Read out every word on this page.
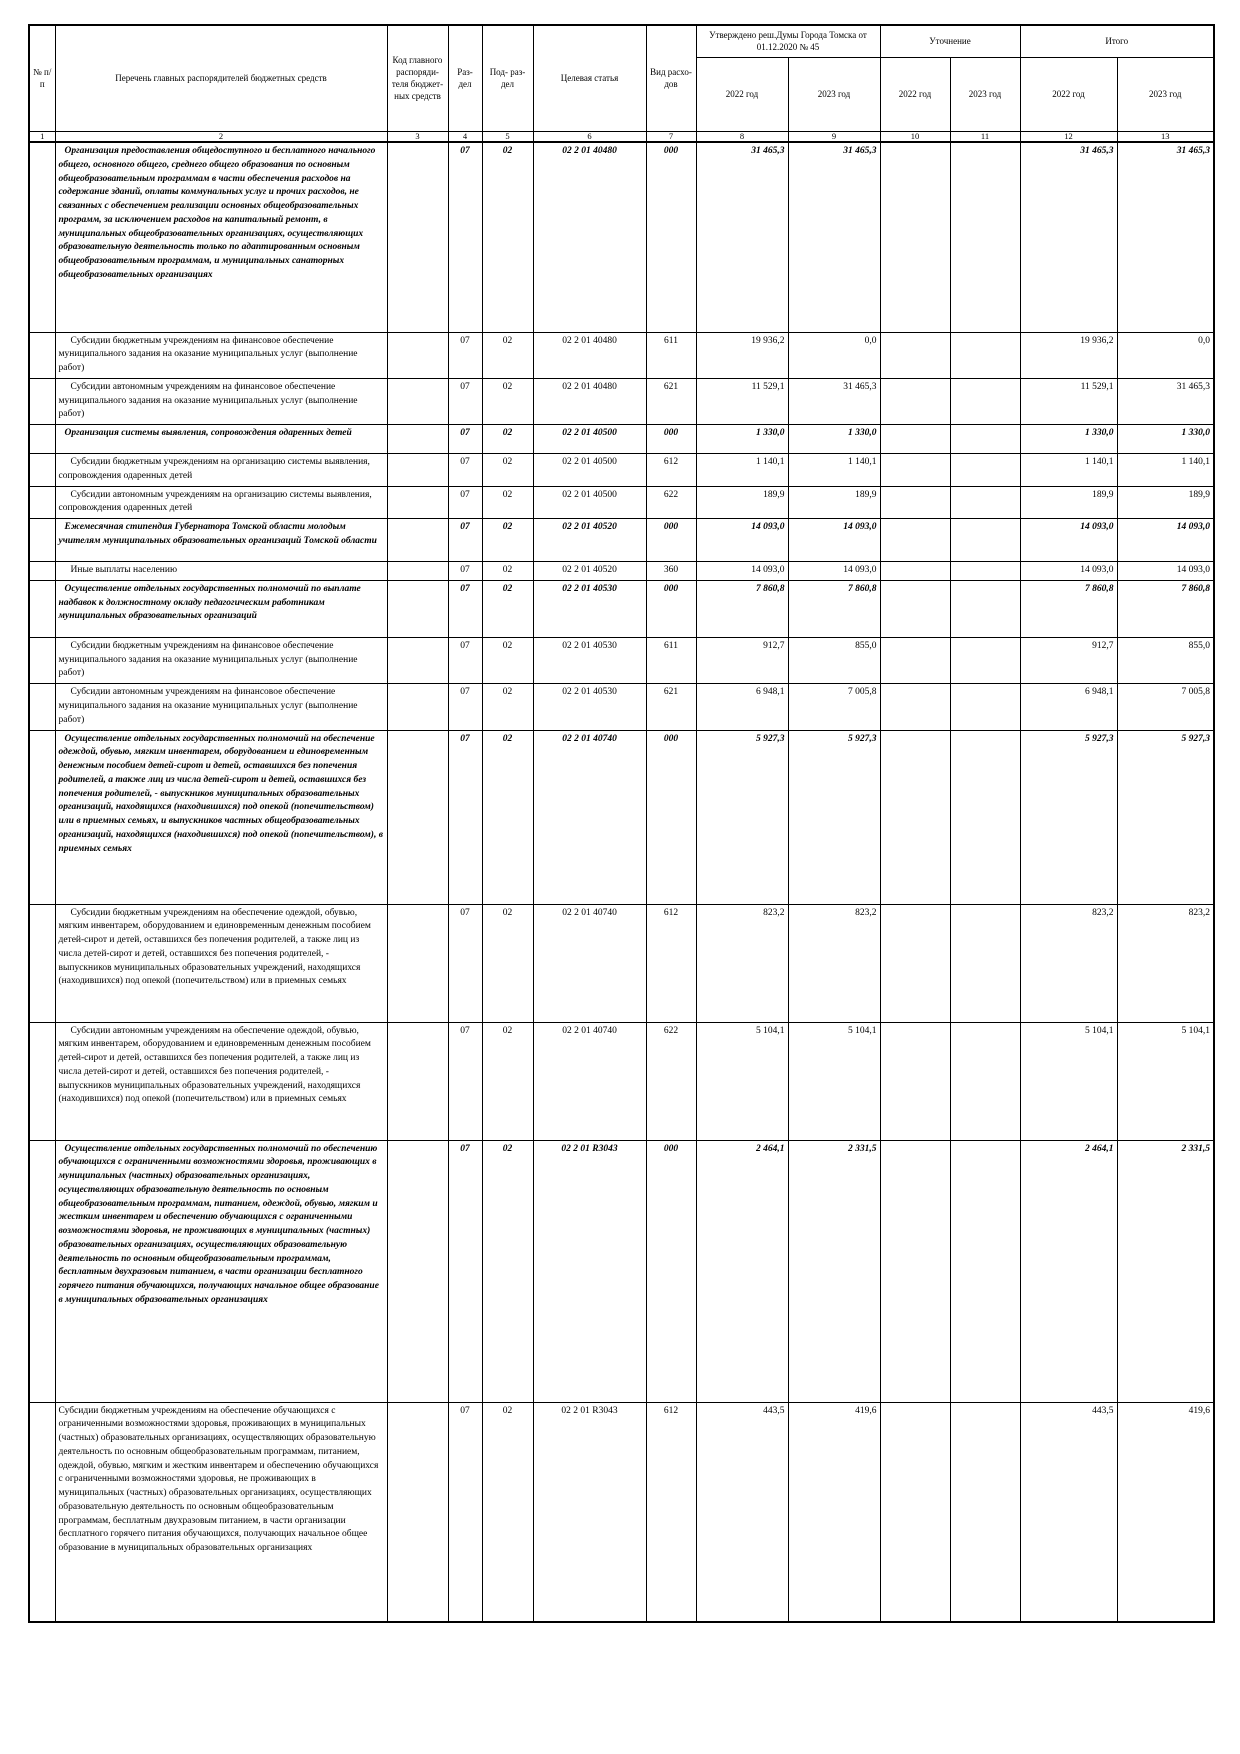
№ п/п	Перечень главных распорядителей бюджетных средств	Код главного распоряди- теля бюджет- ных средств	Раз- дел	Под- раз- дел	Целевая статья	Вид расхо- дов	Утверждено реш.Думы Города Томска от 01.12.2020 № 45		Уточнение		Итого	
							2022 год	2023 год	2022 год	2023 год	2022 год	2023 год
1	2	3	4	5	6	7	8	9	10	11	12	13
	Организация предоставления общедоступного и бесплатного начального общего, основного общего, среднего общего образования по основным общеобразовательным программам в части обеспечения расходов на содержание зданий, оплаты коммунальных услуг и прочих расходов, не связанных с обеспечением реализации основных общеобразовательных программ, за исключением расходов на капитальный ремонт, в муниципальных общеобразовательных организациях, осуществляющих образовательную деятельность только по адаптированным основным общеобразовательным программам, и муниципальных санаторных общеобразовательных организациях		07	02	02 2 01 40480	000	31 465,3	31 465,3			31 465,3	31 465,3
	Субсидии бюджетным учреждениям на финансовое обеспечение муниципального задания на оказание муниципальных услуг (выполнение работ)		07	02	02 2 01 40480	611	19 936,2	0,0			19 936,2	0,0
	Субсидии автономным учреждениям на финансовое обеспечение муниципального задания на оказание муниципальных услуг (выполнение работ)		07	02	02 2 01 40480	621	11 529,1	31 465,3			11 529,1	31 465,3
	Организация системы выявления, сопровождения одаренных детей		07	02	02 2 01 40500	000	1 330,0	1 330,0			1 330,0	1 330,0
	Субсидии бюджетным учреждениям на организацию системы выявления, сопровождения одаренных детей		07	02	02 2 01 40500	612	1 140,1	1 140,1			1 140,1	1 140,1
	Субсидии автономным учреждениям на организацию системы выявления, сопровождения одаренных детей		07	02	02 2 01 40500	622	189,9	189,9			189,9	189,9
	Ежемесячная стипендия Губернатора Томской области молодым учителям муниципальных образовательных организаций Томской области		07	02	02 2 01 40520	000	14 093,0	14 093,0			14 093,0	14 093,0
	Иные выплаты населению		07	02	02 2 01 40520	360	14 093,0	14 093,0			14 093,0	14 093,0
	Осуществление отдельных государственных полномочий по выплате надбавок к должностному окладу педагогическим работникам муниципальных образовательных организаций		07	02	02 2 01 40530	000	7 860,8	7 860,8			7 860,8	7 860,8
	Субсидии бюджетным учреждениям на финансовое обеспечение муниципального задания на оказание муниципальных услуг (выполнение работ)		07	02	02 2 01 40530	611	912,7	855,0			912,7	855,0
	Субсидии автономным учреждениям на финансовое обеспечение муниципального задания на оказание муниципальных услуг (выполнение работ)		07	02	02 2 01 40530	621	6 948,1	7 005,8			6 948,1	7 005,8
	Осуществление отдельных государственных полномочий на обеспечение одеждой, обувью, мягким инвентарем, оборудованием и единовременным денежным пособием детей-сирот и детей, оставшихся без попечения родителей, а также лиц из числа детей-сирот и детей, оставшихся без попечения родителей, - выпускников муниципальных образовательных организаций, находящихся (находившихся) под опекой (попечительством) или в приемных семьях, и выпускников частных общеобразовательных организаций, находящихся (находившихся) под опекой (попечительством), в приемных семьях		07	02	02 2 01 40740	000	5 927,3	5 927,3			5 927,3	5 927,3
	Субсидии бюджетным учреждениям на обеспечение одеждой, обувью, мягким инвентарем, оборудованием и единовременным денежным пособием детей-сирот и детей, оставшихся без попечения родителей, а также лиц из числа детей-сирот и детей, оставшихся без попечения родителей, - выпускников муниципальных образовательных учреждений, находящихся (находившихся) под опекой (попечительством) или в приемных семьях		07	02	02 2 01 40740	612	823,2	823,2			823,2	823,2
	Субсидии автономным учреждениям на обеспечение одеждой, обувью, мягким инвентарем, оборудованием и единовременным денежным пособием детей-сирот и детей, оставшихся без попечения родителей, а также лиц из числа детей-сирот и детей, оставшихся без попечения родителей, - выпускников муниципальных образовательных учреждений, находящихся (находившихся) под опекой (попечительством) или в приемных семьях		07	02	02 2 01 40740	622	5 104,1	5 104,1			5 104,1	5 104,1
	Осуществление отдельных государственных полномочий по обеспечению обучающихся с ограниченными возможностями здоровья, проживающих в муниципальных (частных) образовательных организациях, осуществляющих образовательную деятельность по основным общеобразовательным программам, питанием, одеждой, обувью, мягким и жестким инвентарем и обеспечению обучающихся с ограниченными возможностями здоровья, не проживающих в муниципальных (частных) образовательных организациях, осуществляющих образовательную деятельность по основным общеобразовательным программам, бесплатным двухразовым питанием, в части организации бесплатного горячего питания обучающихся, получающих начальное общее образование в муниципальных образовательных организациях		07	02	02 2 01 R3043	000	2 464,1	2 331,5			2 464,1	2 331,5
	Субсидии бюджетным учреждениям на обеспечение обучающихся с ограниченными возможностями здоровья, проживающих в муниципальных (частных) образовательных организациях, осуществляющих образовательную деятельность по основным общеобразовательным программам, питанием, одеждой, обувью, мягким и жестким инвентарем и обеспечению обучающихся с ограниченными возможностями здоровья, не проживающих в муниципальных (частных) образовательных организациях, осуществляющих образовательную деятельность по основным общеобразовательным программам, бесплатным двухразовым питанием, в части организации бесплатного горячего питания обучающихся, получающих начальное общее образование в муниципальных образовательных организациях		07	02	02 2 01 R3043	612	443,5	419,6			443,5	419,6
